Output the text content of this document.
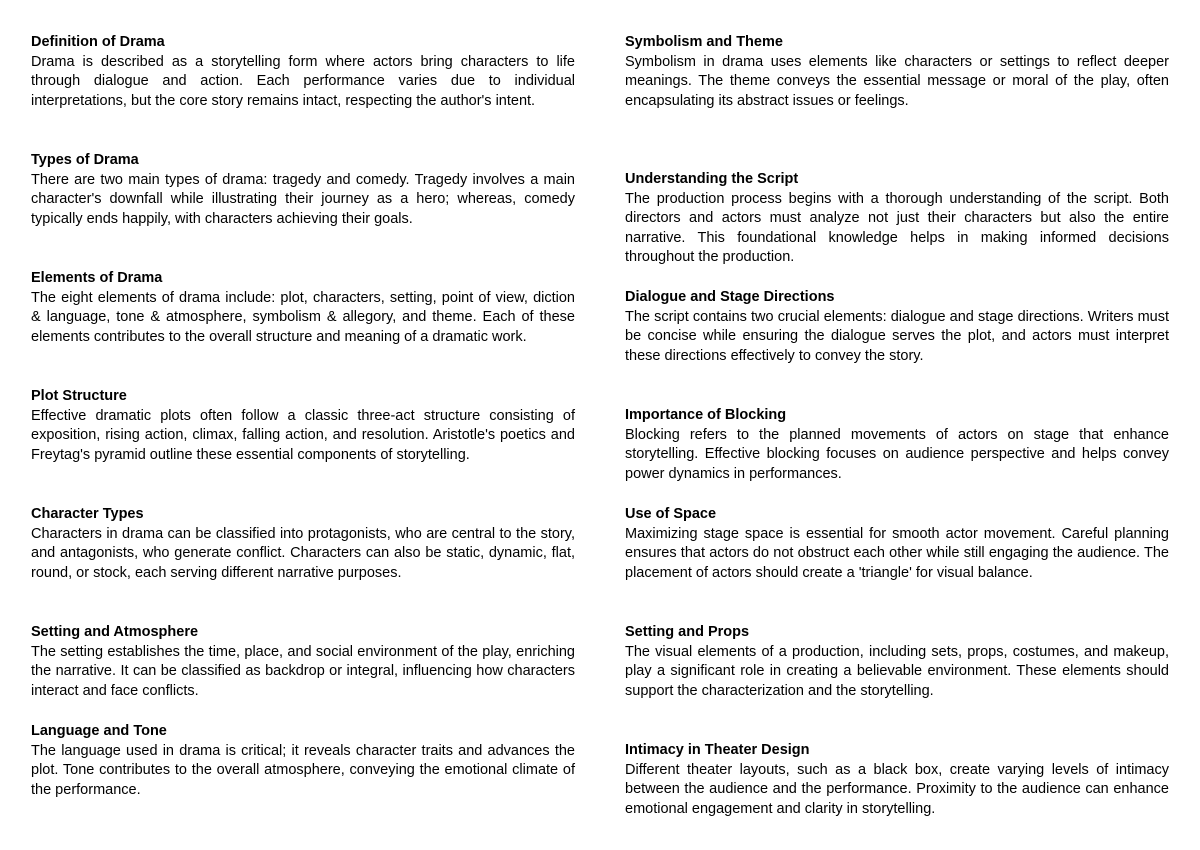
Definition of Drama
Drama is described as a storytelling form where actors bring characters to life through dialogue and action. Each performance varies due to individual interpretations, but the core story remains intact, respecting the author's intent.
Types of Drama
There are two main types of drama: tragedy and comedy. Tragedy involves a main character's downfall while illustrating their journey as a hero; whereas, comedy typically ends happily, with characters achieving their goals.
Elements of Drama
The eight elements of drama include: plot, characters, setting, point of view, diction & language, tone & atmosphere, symbolism & allegory, and theme. Each of these elements contributes to the overall structure and meaning of a dramatic work.
Plot Structure
Effective dramatic plots often follow a classic three-act structure consisting of exposition, rising action, climax, falling action, and resolution. Aristotle's poetics and Freytag's pyramid outline these essential components of storytelling.
Character Types
Characters in drama can be classified into protagonists, who are central to the story, and antagonists, who generate conflict. Characters can also be static, dynamic, flat, round, or stock, each serving different narrative purposes.
Setting and Atmosphere
The setting establishes the time, place, and social environment of the play, enriching the narrative. It can be classified as backdrop or integral, influencing how characters interact and face conflicts.
Language and Tone
The language used in drama is critical; it reveals character traits and advances the plot. Tone contributes to the overall atmosphere, conveying the emotional climate of the performance.
Symbolism and Theme
Symbolism in drama uses elements like characters or settings to reflect deeper meanings. The theme conveys the essential message or moral of the play, often encapsulating its abstract issues or feelings.
Understanding the Script
The production process begins with a thorough understanding of the script. Both directors and actors must analyze not just their characters but also the entire narrative. This foundational knowledge helps in making informed decisions throughout the production.
Dialogue and Stage Directions
The script contains two crucial elements: dialogue and stage directions. Writers must be concise while ensuring the dialogue serves the plot, and actors must interpret these directions effectively to convey the story.
Importance of Blocking
Blocking refers to the planned movements of actors on stage that enhance storytelling. Effective blocking focuses on audience perspective and helps convey power dynamics in performances.
Use of Space
Maximizing stage space is essential for smooth actor movement. Careful planning ensures that actors do not obstruct each other while still engaging the audience. The placement of actors should create a 'triangle' for visual balance.
Setting and Props
The visual elements of a production, including sets, props, costumes, and makeup, play a significant role in creating a believable environment. These elements should support the characterization and the storytelling.
Intimacy in Theater Design
Different theater layouts, such as a black box, create varying levels of intimacy between the audience and the performance. Proximity to the audience can enhance emotional engagement and clarity in storytelling.
